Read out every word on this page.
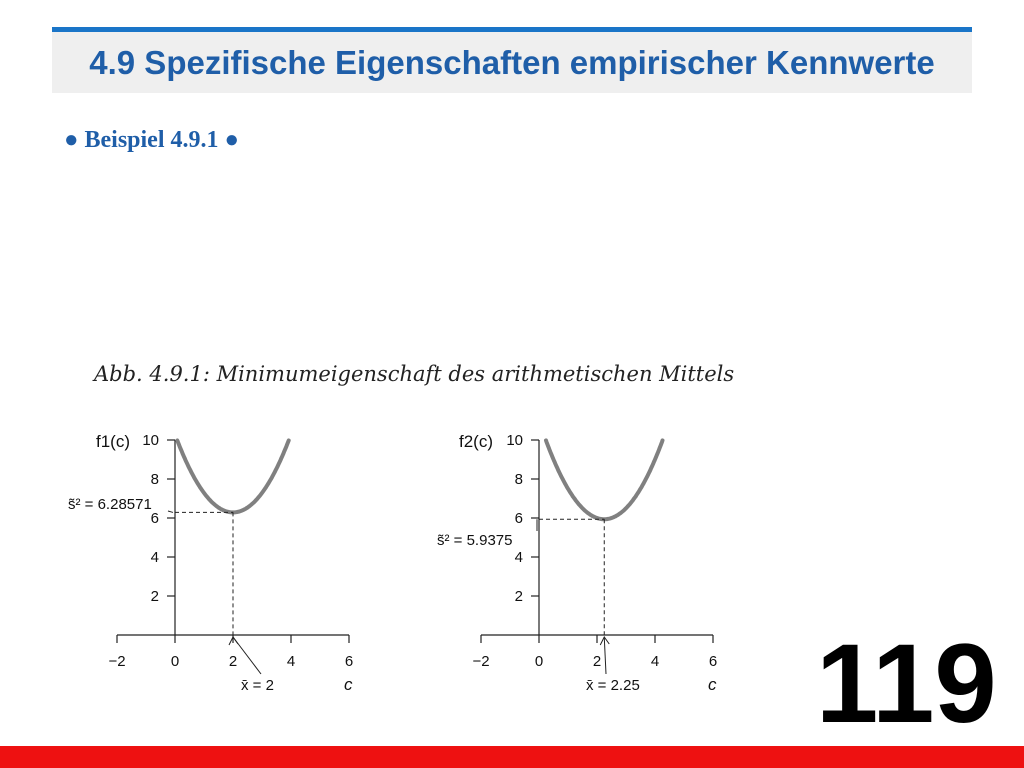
4.9 Spezifische Eigenschaften empirischer Kennwerte
● Beispiel 4.9.1 ●
Abb. 4.9.1: Minimumeigenschaft des arithmetischen Mittels
−2	0	2	4	6
2
4
6
8
10
f1(c)
c
s̃² = 6.28571
x̄ = 2
−2	0	2	4	6
2
4
6
8
10
f2(c)
c
s̃² = 5.9375
x̄ = 2.25 119
